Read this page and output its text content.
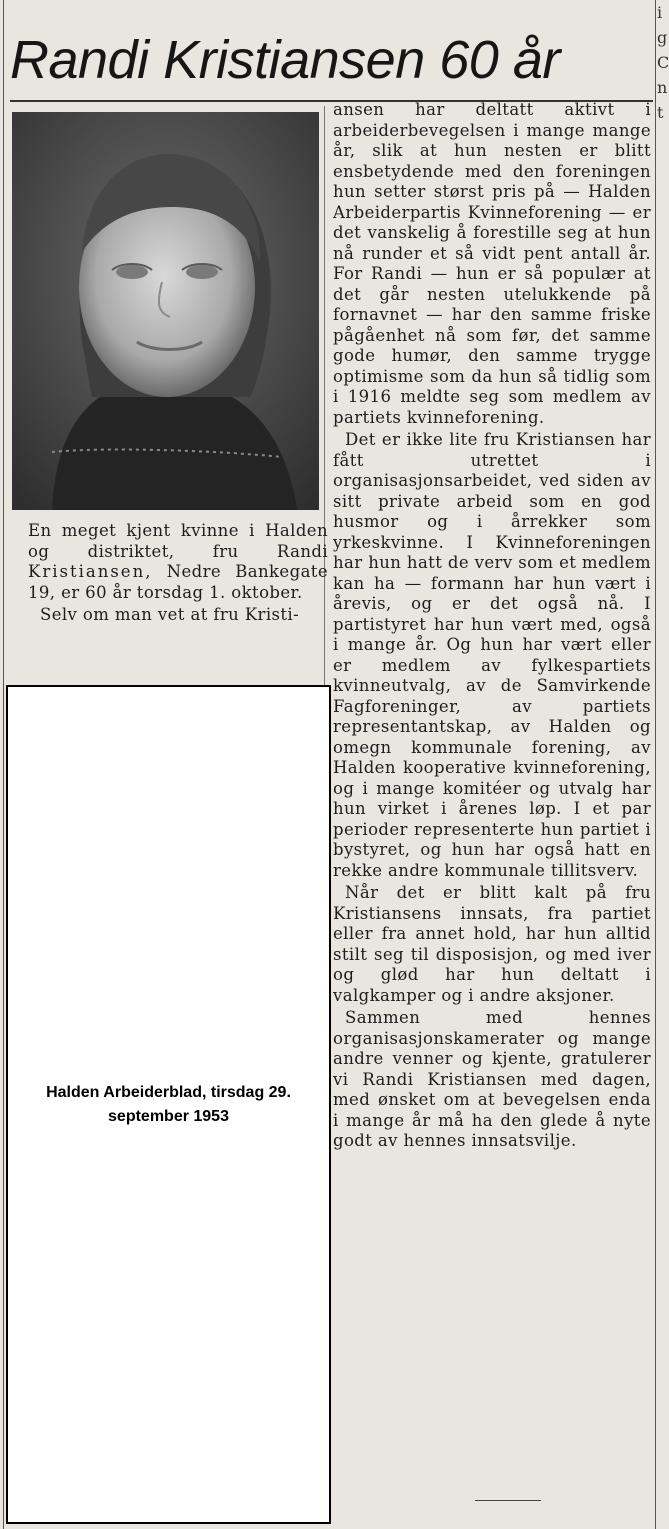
Randi Kristiansen 60 år

En meget kjent kvinne i Halden og distriktet, fru Randi Kristiansen, Nedre Bankegate 19, er 60 år torsdag 1. oktober.

Selv om man vet at fru Kristi-

ansen har deltatt aktivt i arbeiderbevegelsen i mange mange år, slik at hun nesten er blitt ensbetydende med den foreningen hun setter størst pris på — Halden Arbeiderpartis Kvinneforening — er det vanskelig å forestille seg at hun nå runder et så vidt pent antall år. For Randi — hun er så populær at det går nesten utelukkende på fornavnet — har den samme friske pågåenhet nå som før, det samme gode humør, den samme trygge optimisme som da hun så tidlig som i 1916 meldte seg som medlem av partiets kvinneforening.

Det er ikke lite fru Kristiansen har fått utrettet i organisasjonsarbeidet, ved siden av sitt private arbeid som en god husmor og i årrekker som yrkeskvinne. I Kvinneforeningen har hun hatt de verv som et medlem kan ha — formann har hun vært i årevis, og er det også nå. I partistyret har hun vært med, også i mange år. Og hun har vært eller er medlem av fylkespartiets kvinneutvalg, av de Samvirkende Fagforeninger, av partiets representantskap, av Halden og omegn kommunale forening, av Halden kooperative kvinneforening, og i mange komitéer og utvalg har hun virket i årenes løp. I et par perioder representerte hun partiet i bystyret, og hun har også hatt en rekke andre kommunale tillitsverv.

Når det er blitt kalt på fru Kristiansens innsats, fra partiet eller fra annet hold, har hun alltid stilt seg til disposisjon, og med iver og glød har hun deltatt i valgkamper og i andre aksjoner.

Sammen med hennes organisasjonskamerater og mange andre venner og kjente, gratulerer vi Randi Kristiansen med dagen, med ønsket om at bevegelsen enda i mange år må ha den glede å nyte godt av hennes innsatsvilje.

i
g
C
n
t
Halden Arbeiderblad, tirsdag 29. september 1953
